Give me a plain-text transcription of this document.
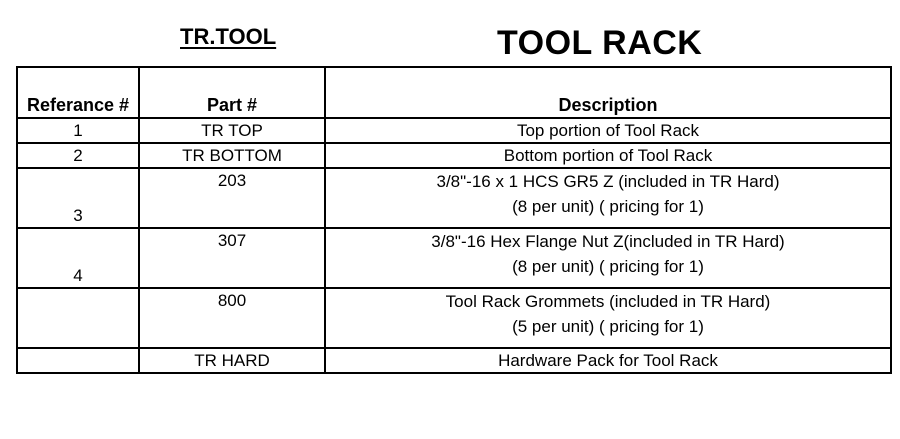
TR.TOOL	TOOL RACK
Referance #	Part #	Description

1	TR TOP	Top portion of Tool Rack
2	TR BOTTOM	Bottom portion of Tool Rack

3	203	3/8"-16 x 1 HCS GR5 Z (included in TR Hard)
(8 per unit) ( pricing for 1)

4	307	3/8"-16 Hex Flange Nut Z(included in TR Hard)
(8 per unit) ( pricing for 1)

	800	Tool Rack Grommets (included in TR Hard)
(5 per unit) ( pricing for 1)

	TR HARD	Hardware Pack for Tool Rack
